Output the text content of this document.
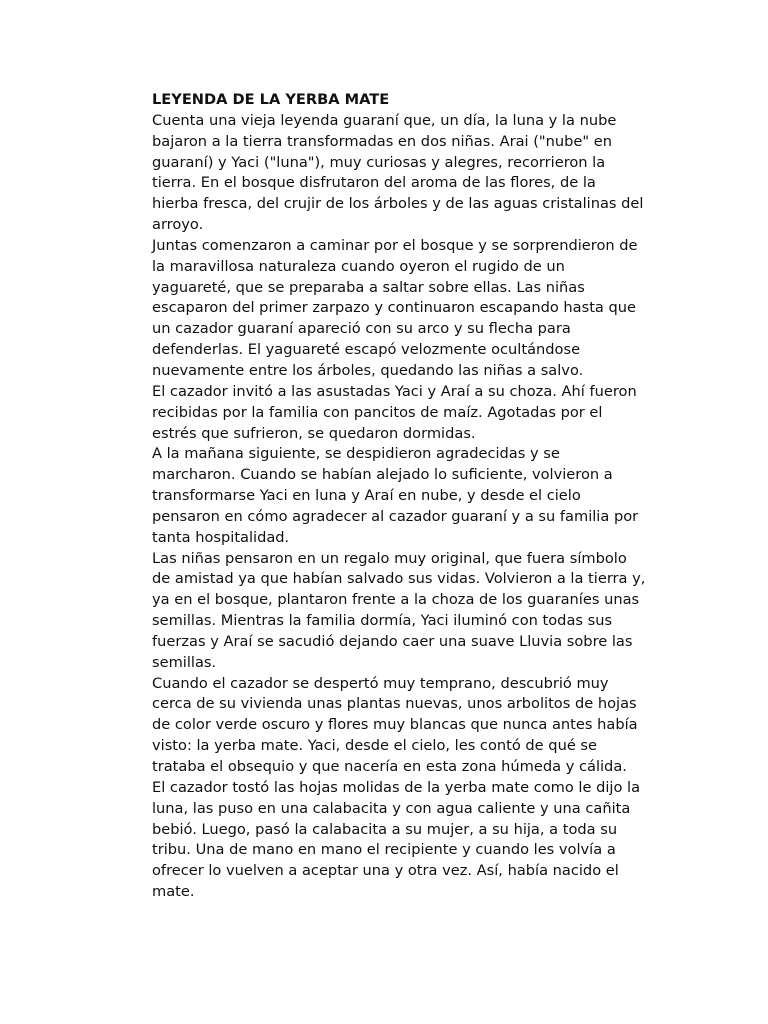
LEYENDA DE LA YERBA MATE
Cuenta una vieja leyenda guaraní que, un día, la luna y la nube
bajaron a la tierra transformadas en dos niñas. Arai ("nube" en
guaraní) y Yaci ("luna"), muy curiosas y alegres, recorrieron la
tierra. En el bosque disfrutaron del aroma de las flores, de la
hierba fresca, del crujir de los árboles y de las aguas cristalinas del
arroyo.
Juntas comenzaron a caminar por el bosque y se sorprendieron de
la maravillosa naturaleza cuando oyeron el rugido de un
yaguareté, que se preparaba a saltar sobre ellas. Las niñas
escaparon del primer zarpazo y continuaron escapando hasta que
un cazador guaraní apareció con su arco y su flecha para
defenderlas. El yaguareté escapó velozmente ocultándose
nuevamente entre los árboles, quedando las niñas a salvo.
El cazador invitó a las asustadas Yaci y Araí a su choza. Ahí fueron
recibidas por la familia con pancitos de maíz. Agotadas por el
estrés que sufrieron, se quedaron dormidas.
A la mañana siguiente, se despidieron agradecidas y se
marcharon. Cuando se habían alejado lo suficiente, volvieron a
transformarse Yaci en luna y Araí en nube, y desde el cielo
pensaron en cómo agradecer al cazador guaraní y a su familia por
tanta hospitalidad.
Las niñas pensaron en un regalo muy original, que fuera símbolo
de amistad ya que habían salvado sus vidas. Volvieron a la tierra y,
ya en el bosque, plantaron frente a la choza de los guaraníes unas
semillas. Mientras la familia dormía, Yaci iluminó con todas sus
fuerzas y Araí se sacudió dejando caer una suave Lluvia sobre las
semillas.
Cuando el cazador se despertó muy temprano, descubrió muy
cerca de su vivienda unas plantas nuevas, unos arbolitos de hojas
de color verde oscuro y flores muy blancas que nunca antes había
visto: la yerba mate. Yaci, desde el cielo, les contó de qué se
trataba el obsequio y que nacería en esta zona húmeda y cálida.
El cazador tostó las hojas molidas de la yerba mate como le dijo la
luna, las puso en una calabacita y con agua caliente y una cañita
bebió. Luego, pasó la calabacita a su mujer, a su hija, a toda su
tribu. Una de mano en mano el recipiente y cuando les volvía a
ofrecer lo vuelven a aceptar una y otra vez. Así, había nacido el
mate.
